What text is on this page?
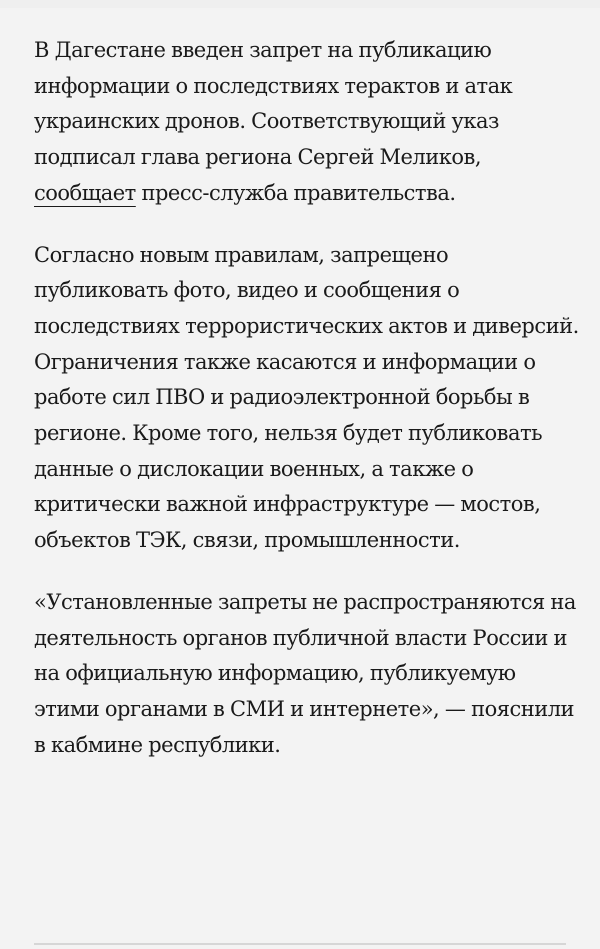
В Дагестане введен запрет на публикацию информации о последствиях терактов и атак украинских дронов. Соответствующий указ подписал глава региона Сергей Меликов, сообщает пресс-служба правительства.

Согласно новым правилам, запрещено публиковать фото, видео и сообщения о последствиях террористических актов и диверсий. Ограничения также касаются и информации о работе сил ПВО и радиоэлектронной борьбы в регионе. Кроме того, нельзя будет публиковать данные о дислокации военных, а также о критически важной инфраструктуре — мостов, объектов ТЭК, связи, промышленности.

«Установленные запреты не распространяются на деятельность органов публичной власти России и на официальную информацию, публикуемую этими органами в СМИ и интернете», — пояснили в кабмине республики.
